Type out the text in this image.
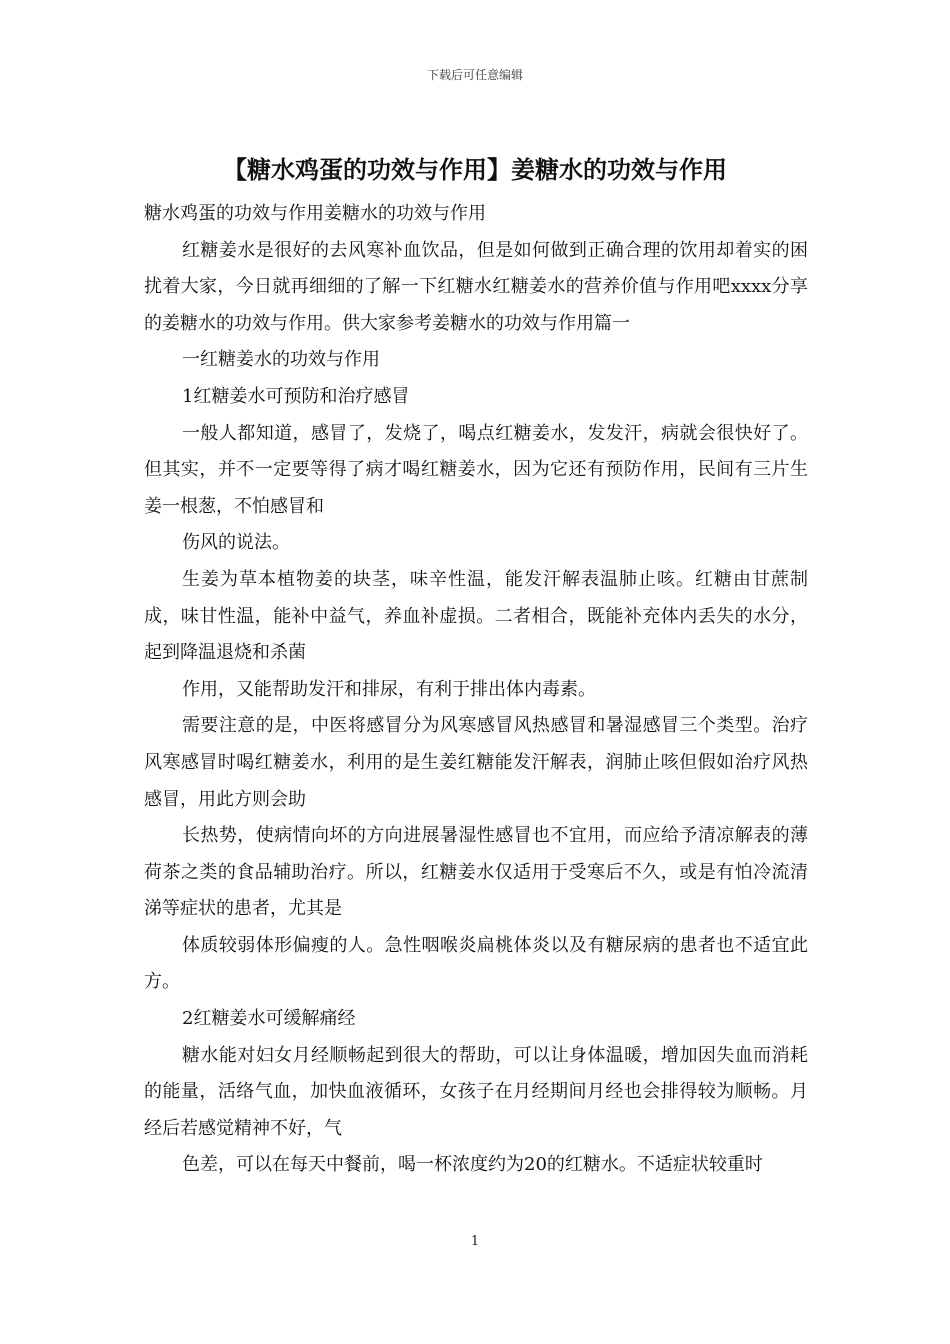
下载后可任意编辑
【糖水鸡蛋的功效与作用】姜糖水的功效与作用

糖水鸡蛋的功效与作用姜糖水的功效与作用

红糖姜水是很好的去风寒补血饮品，但是如何做到正确合理的饮用却着实的困扰着大家，今日就再细细的了解一下红糖水红糖姜水的营养价值与作用吧xxxx分享的姜糖水的功效与作用。供大家参考姜糖水的功效与作用篇一

一红糖姜水的功效与作用

1红糖姜水可预防和治疗感冒

一般人都知道，感冒了，发烧了，喝点红糖姜水，发发汗，病就会很快好了。但其实，并不一定要等得了病才喝红糖姜水，因为它还有预防作用，民间有三片生姜一根葱，不怕感冒和

伤风的说法。

生姜为草本植物姜的块茎，味辛性温，能发汗解表温肺止咳。红糖由甘蔗制成，味甘性温，能补中益气，养血补虚损。二者相合，既能补充体内丢失的水分，起到降温退烧和杀菌

作用，又能帮助发汗和排尿，有利于排出体内毒素。

需要注意的是，中医将感冒分为风寒感冒风热感冒和暑湿感冒三个类型。治疗风寒感冒时喝红糖姜水，利用的是生姜红糖能发汗解表，润肺止咳但假如治疗风热感冒，用此方则会助

长热势，使病情向坏的方向进展暑湿性感冒也不宜用，而应给予清凉解表的薄荷茶之类的食品辅助治疗。所以，红糖姜水仅适用于受寒后不久，或是有怕冷流清涕等症状的患者，尤其是

体质较弱体形偏瘦的人。急性咽喉炎扁桃体炎以及有糖尿病的患者也不适宜此方。

2红糖姜水可缓解痛经

糖水能对妇女月经顺畅起到很大的帮助，可以让身体温暖，增加因失血而消耗的能量，活络气血，加快血液循环，女孩子在月经期间月经也会排得较为顺畅。月经后若感觉精神不好，气

色差，可以在每天中餐前，喝一杯浓度约为20的红糖水。不适症状较重时

1
